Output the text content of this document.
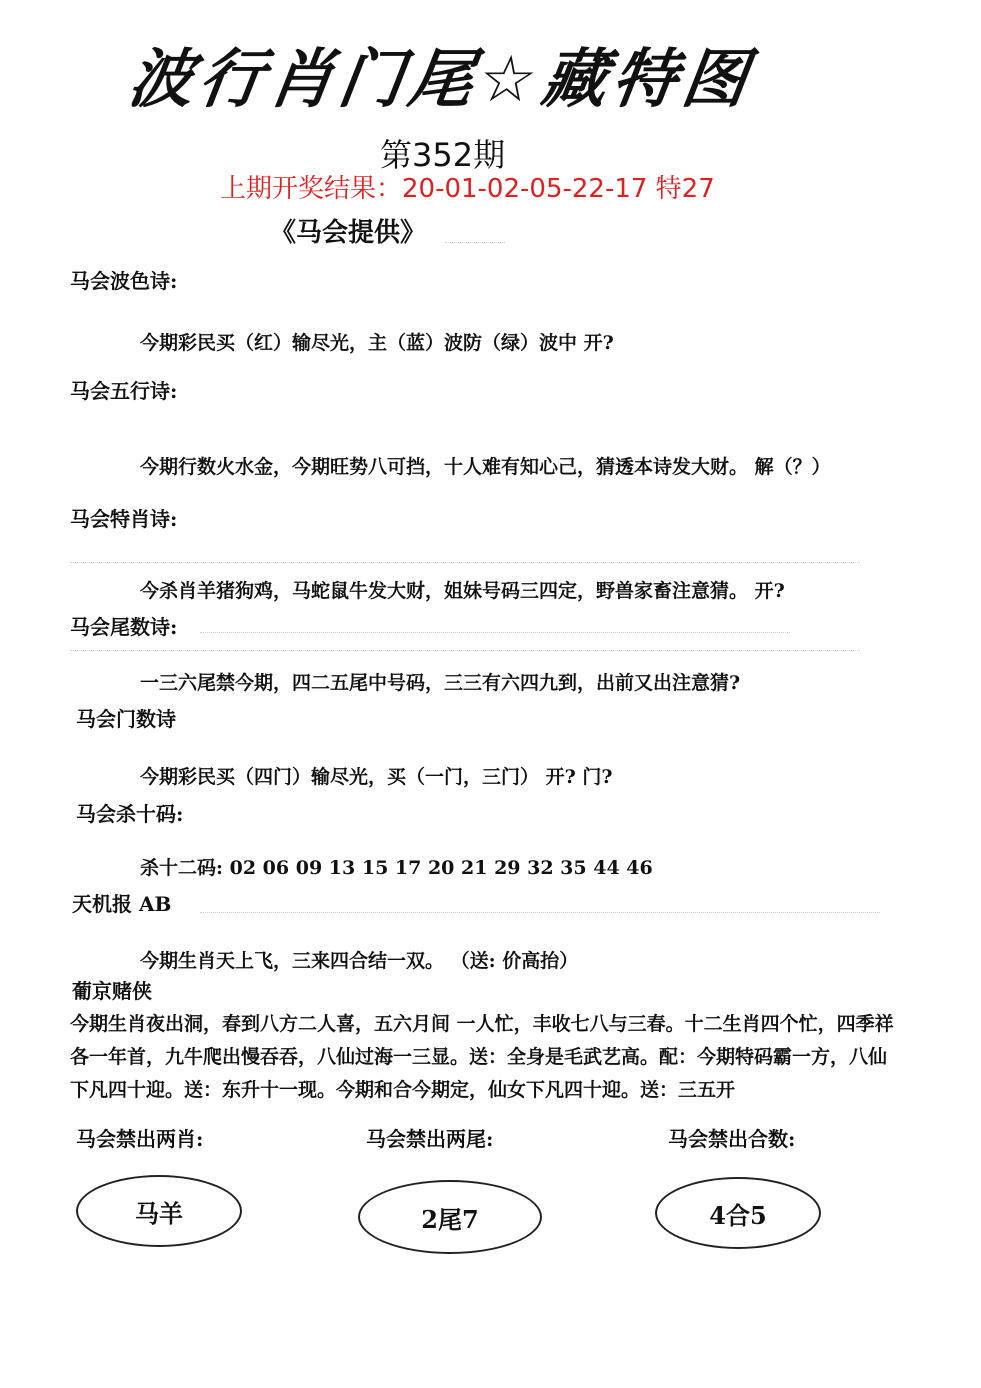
波行肖门尾☆藏特图
第352期
上期开奖结果：20-01-02-05-22-17 特27
《马会提供》
马会波色诗:
今期彩民买（红）输尽光，主（蓝）波防（绿）波中 开?
马会五行诗:
今期行数火水金，今期旺势八可挡，十人难有知心己，猜透本诗发大财。 解（？）
马会特肖诗:
今杀肖羊猪狗鸡，马蛇鼠牛发大财，姐妹号码三四定，野兽家畜注意猜。 开?
马会尾数诗:
一三六尾禁今期，四二五尾中号码，三三有六四九到，出前又出注意猜?
马会门数诗
今期彩民买（四门）输尽光，买（一门，三门） 开? 门?
马会杀十码:
杀十二码: 02 06 09 13 15 17 20 21 29 32 35 44 46
天机报 AB
今期生肖天上飞，三来四合结一双。 （送: 价高抬）
葡京赌侠
今期生肖夜出洞，春到八方二人喜，五六月间 一人忙，丰收七八与三春。十二生肖四个忙，四季祥各一年首，九牛爬出慢吞吞，八仙过海一三显。送：全身是毛武艺高。配：今期特码霸一方，八仙下凡四十迎。送：东升十一现。今期和合今期定，仙女下凡四十迎。送：三五开
马会禁出两肖:	马会禁出两尾:	马会禁出合数:
马羊	2尾7	4合5
